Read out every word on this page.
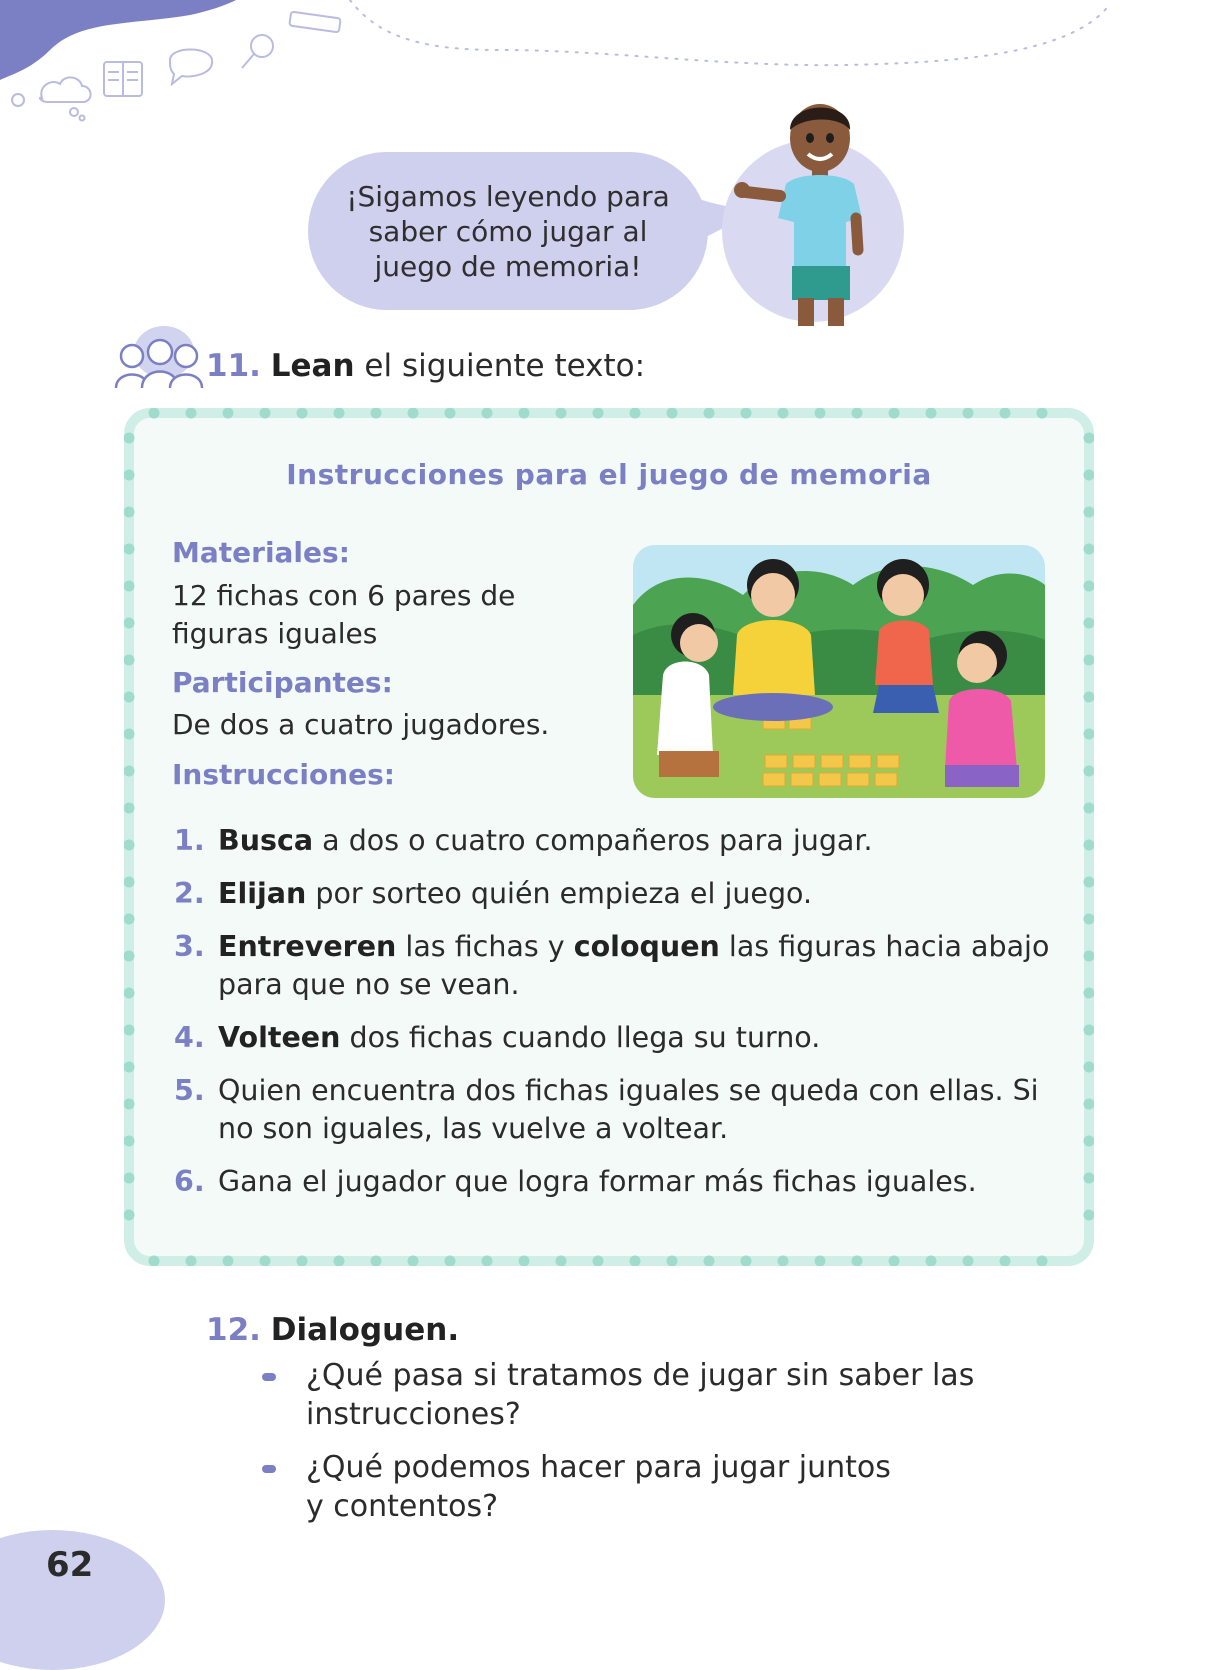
¡Sigamos leyendo para
saber cómo jugar al
juego de memoria!
11. Lean el siguiente texto:
Instrucciones para el juego de memoria
Materiales:
12 fichas con 6 pares de
figuras iguales
Participantes:
De dos a cuatro jugadores.
Instrucciones:
1. Busca a dos o cuatro compañeros para jugar.
2. Elijan por sorteo quién empieza el juego.
3. Entreveren las fichas y coloquen las figuras hacia abajo para que no se vean.
4. Volteen dos fichas cuando llega su turno.
5. Quien encuentra dos fichas iguales se queda con ellas. Si no son iguales, las vuelve a voltear.
6. Gana el jugador que logra formar más fichas iguales.
12. Dialoguen.
¿Qué pasa si tratamos de jugar sin saber las
instrucciones?
¿Qué podemos hacer para jugar juntos
y contentos?
62
